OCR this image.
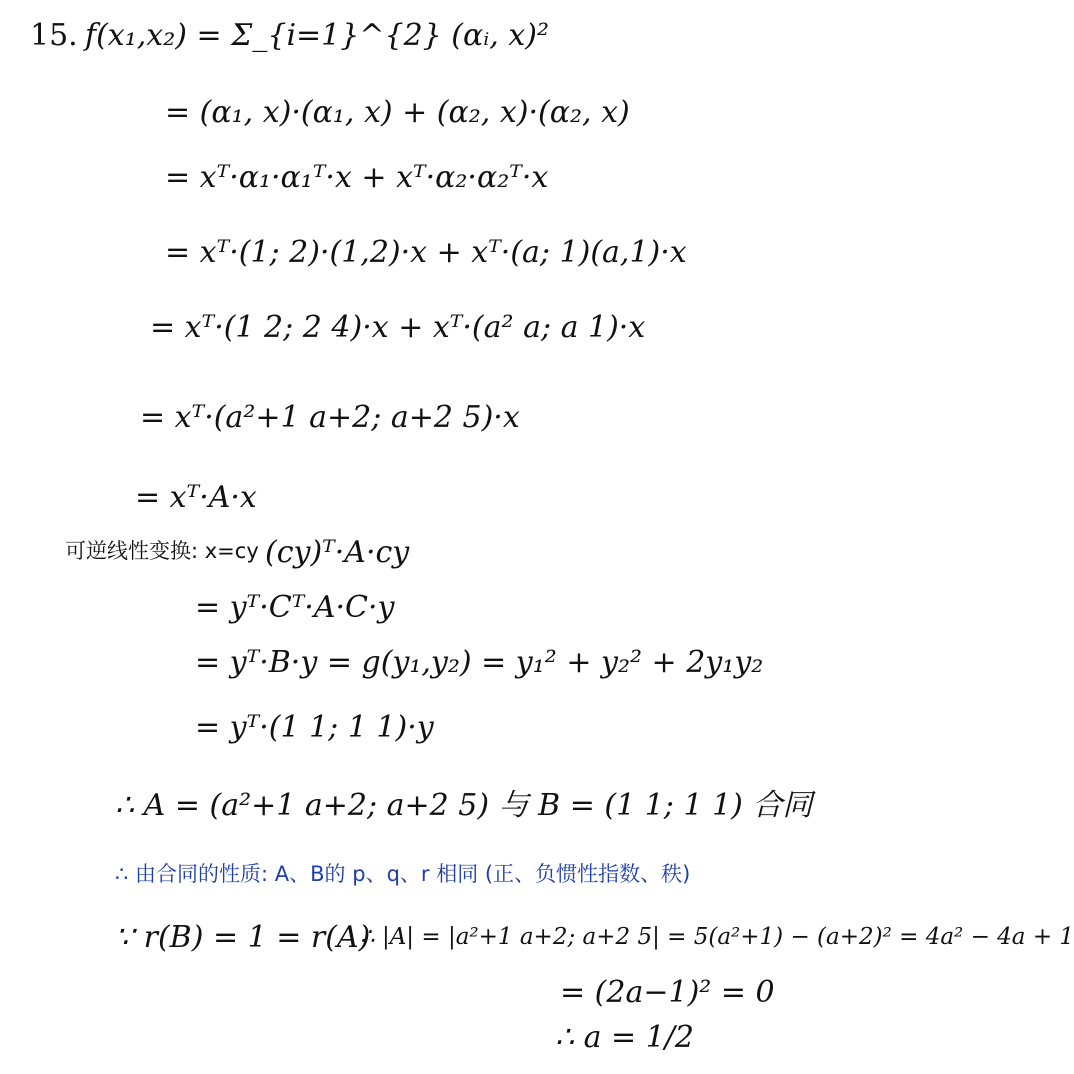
15. f(x₁,x₂) = Σ_{i=1}^{2} (αᵢ, x)²
= (α₁, x)·(α₁, x) + (α₂, x)·(α₂, x)
= xᵀ·α₁·α₁ᵀ·x + xᵀ·α₂·α₂ᵀ·x
= xᵀ·(1; 2)·(1,2)·x + xᵀ·(a; 1)(a,1)·x
= xᵀ·(1 2; 2 4)·x + xᵀ·(a² a; a 1)·x
= xᵀ·(a²+1 a+2; a+2 5)·x
= xᵀ·A·x
可逆线性变换: x=cy (cy)ᵀ·A·cy
= yᵀ·Cᵀ·A·C·y
= yᵀ·B·y = g(y₁,y₂) = y₁² + y₂² + 2y₁y₂
= yᵀ·(1 1; 1 1)·y
∴ A = (a²+1 a+2; a+2 5) 与 B = (1 1; 1 1) 合同
∴ 由合同的性质: A、B的 p、q、r 相同 (正、负惯性指数、秩)
∵ r(B) = 1 = r(A)
∴ |A| = |a²+1 a+2; a+2 5| = 5(a²+1) − (a+2)² = 4a² − 4a + 1
= (2a−1)² = 0
∴ a = 1/2
